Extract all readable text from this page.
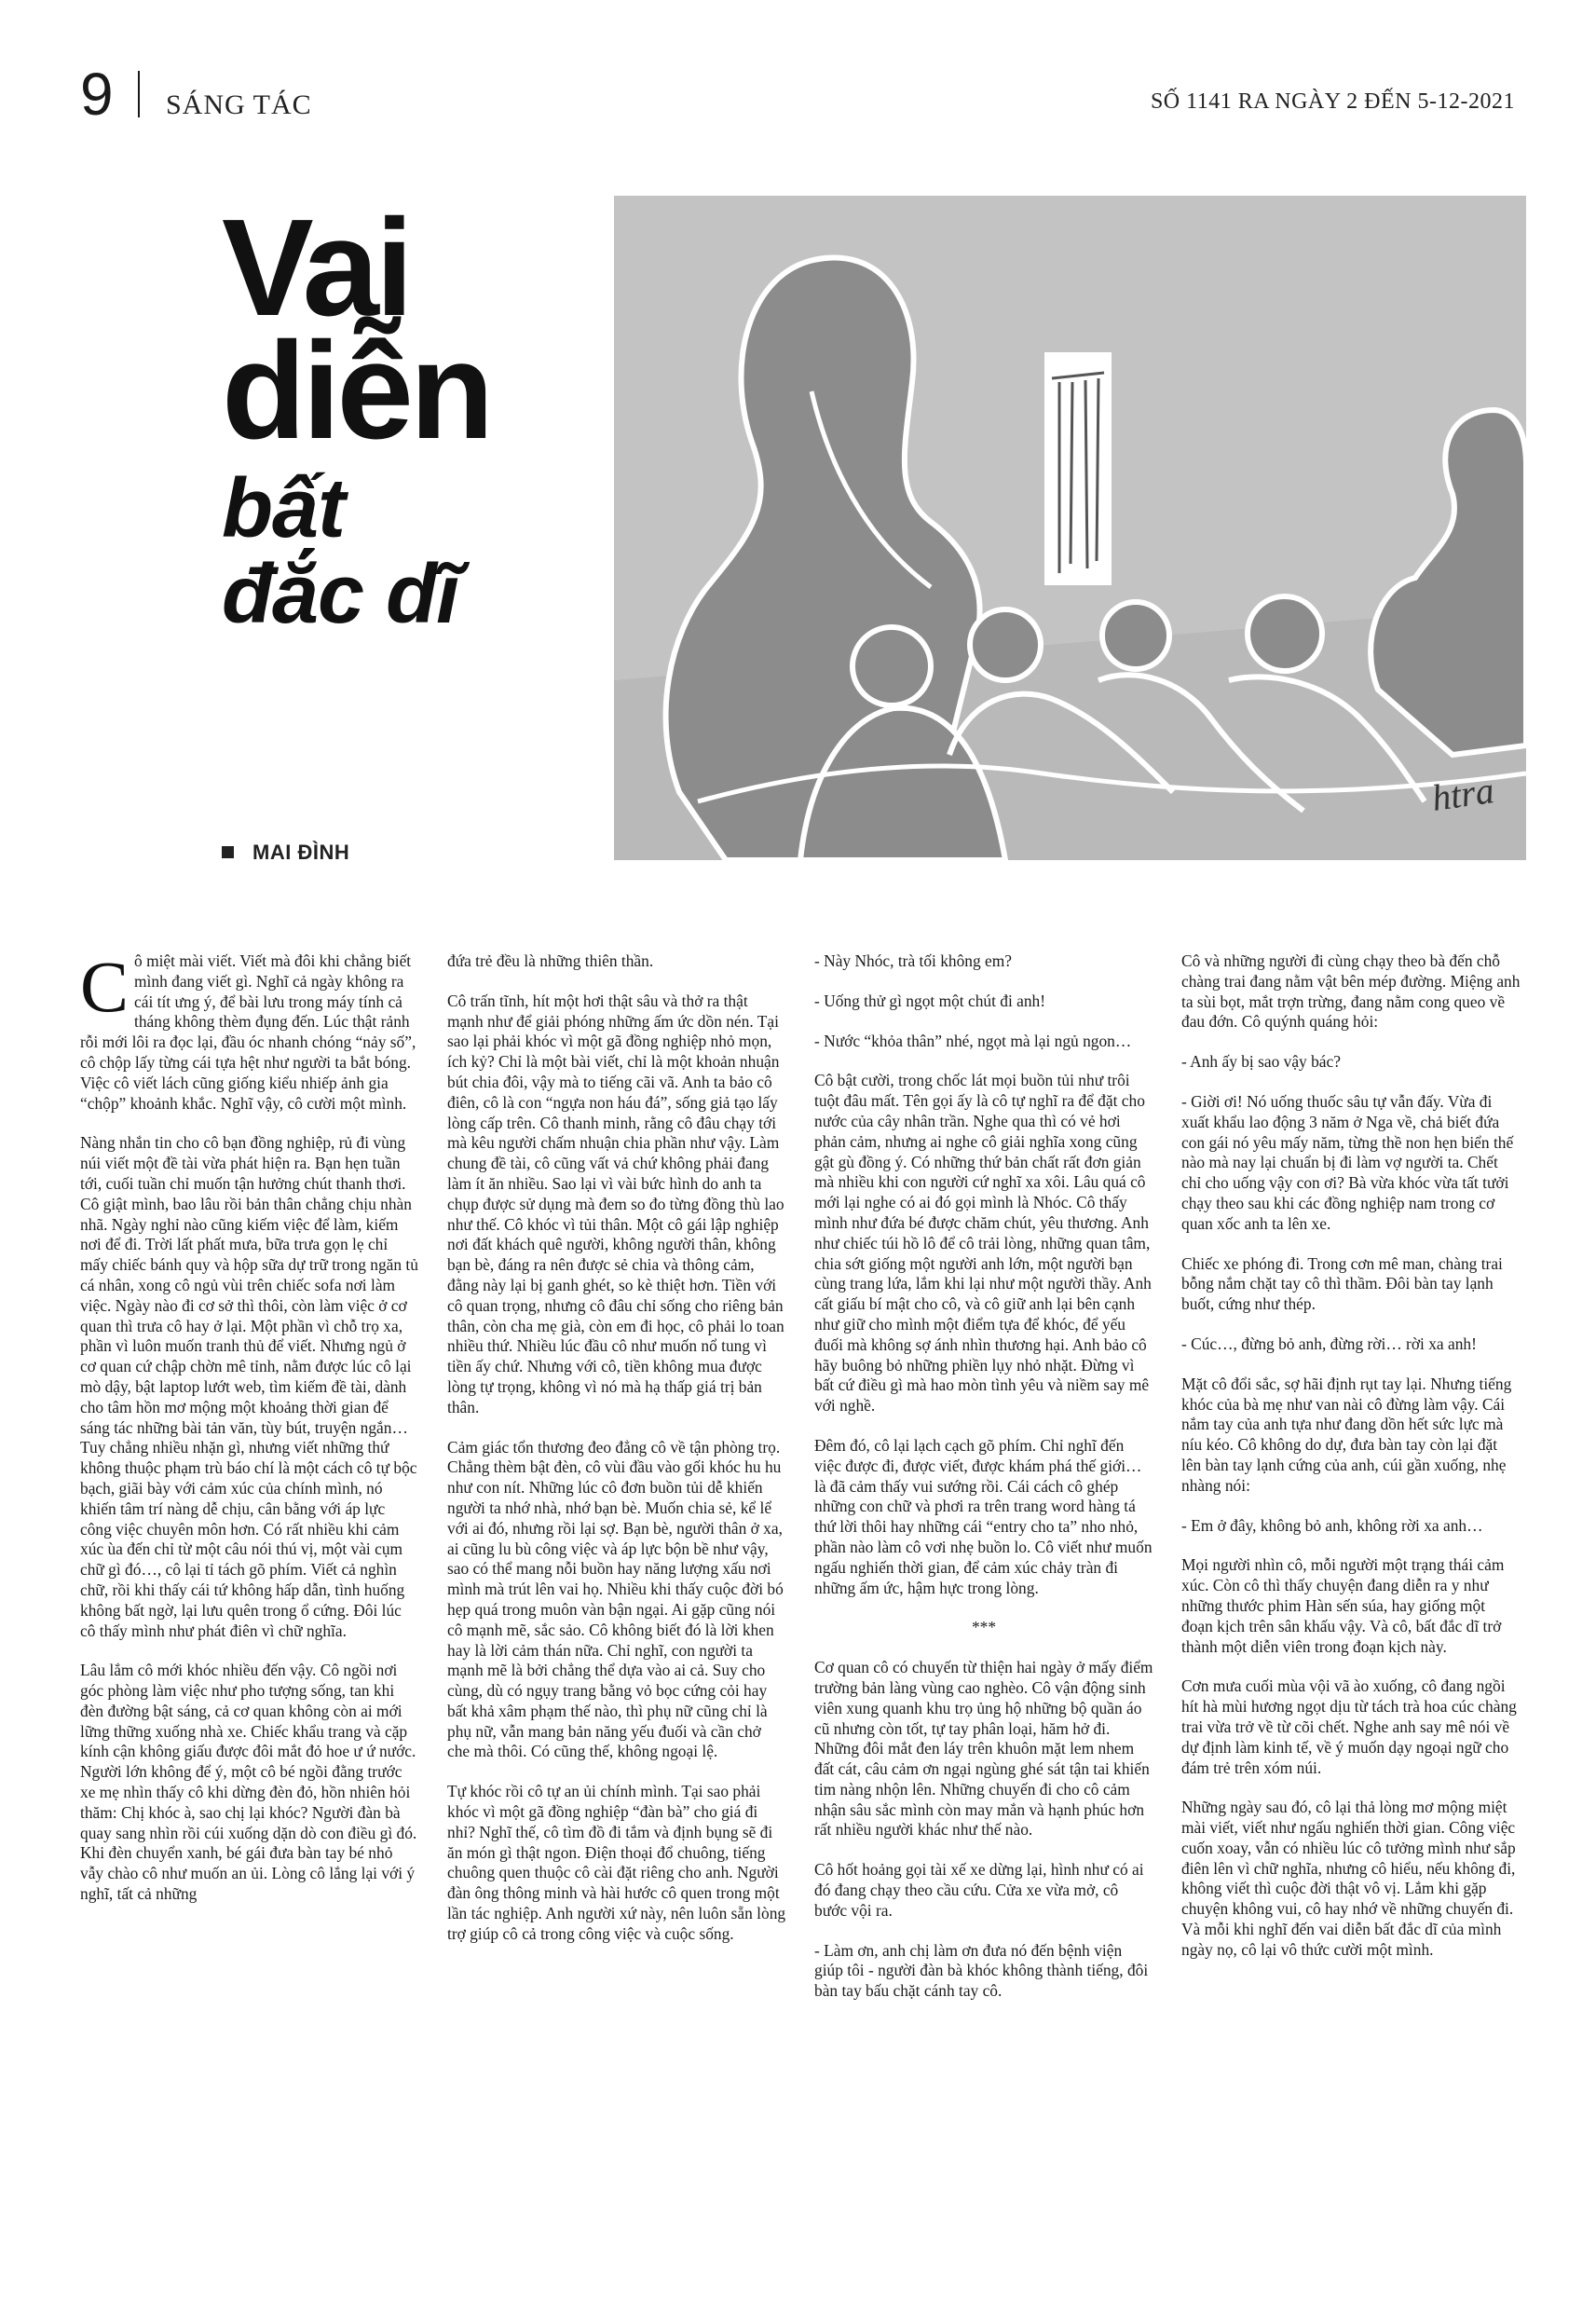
9 SÁNG TÁC	SỐ 1141 RA NGÀY 2 ĐẾN 5-12-2021

Vai

diễn

bất

đắc dĩ

MAI ĐÌNH
htra

Cô miệt mài viết. Viết mà đôi khi chẳng biết mình đang viết gì. Nghĩ cả ngày không ra cái tít ưng ý, để bài lưu trong máy tính cả tháng không thèm đụng đến. Lúc thật rảnh rỗi mới lôi ra đọc lại, đầu óc nhanh chóng “nảy số”, cô chộp lấy từng cái tựa hệt như người ta bắt bóng. Việc cô viết lách cũng giống kiểu nhiếp ảnh gia “chộp” khoảnh khắc. Nghĩ vậy, cô cười một mình.

Nàng nhắn tin cho cô bạn đồng nghiệp, rủ đi vùng núi viết một đề tài vừa phát hiện ra. Bạn hẹn tuần tới, cuối tuần chỉ muốn tận hưởng chút thanh thơi. Cô giật mình, bao lâu rồi bản thân chẳng chịu nhàn nhã. Ngày nghỉ nào cũng kiếm việc để làm, kiếm nơi để đi. Trời lất phất mưa, bữa trưa gọn lẹ chỉ mấy chiếc bánh quy và hộp sữa dự trữ trong ngăn tủ cá nhân, xong cô ngủ vùi trên chiếc sofa nơi làm việc. Ngày nào đi cơ sở thì thôi, còn làm việc ở cơ quan thì trưa cô hay ở lại. Một phần vì chỗ trọ xa, phần vì luôn muốn tranh thủ để viết. Nhưng ngủ ở cơ quan cứ chập chờn mê tỉnh, nằm được lúc cô lại mò dậy, bật laptop lướt web, tìm kiếm đề tài, dành cho tâm hồn mơ mộng một khoảng thời gian để sáng tác những bài tản văn, tùy bút, truyện ngắn… Tuy chẳng nhiều nhặn gì, nhưng viết những thứ không thuộc phạm trù báo chí là một cách cô tự bộc bạch, giãi bày với cảm xúc của chính mình, nó khiến tâm trí nàng dễ chịu, cân bằng với áp lực công việc chuyên môn hơn. Có rất nhiều khi cảm xúc ùa đến chỉ từ một câu nói thú vị, một vài cụm chữ gì đó…, cô lại tỉ tách gõ phím. Viết cả nghìn chữ, rồi khi thấy cái tứ không hấp dẫn, tình huống không bất ngờ, lại lưu quên trong ổ cứng. Đôi lúc cô thấy mình như phát điên vì chữ nghĩa.

Lâu lắm cô mới khóc nhiều đến vậy. Cô ngồi nơi góc phòng làm việc như pho tượng sống, tan khi đèn đường bật sáng, cả cơ quan không còn ai mới lững thững xuống nhà xe. Chiếc khẩu trang và cặp kính cận không giấu được đôi mắt đỏ hoe ư ứ nước. Người lớn không để ý, một cô bé ngồi đằng trước xe mẹ nhìn thấy cô khi dừng đèn đỏ, hồn nhiên hỏi thăm: Chị khóc à, sao chị lại khóc? Người đàn bà quay sang nhìn rồi cúi xuống dặn dò con điều gì đó. Khi đèn chuyển xanh, bé gái đưa bàn tay bé nhỏ vẫy chào cô như muốn an ủi. Lòng cô lắng lại với ý nghĩ, tất cả những

đứa trẻ đều là những thiên thần.

Cô trấn tĩnh, hít một hơi thật sâu và thở ra thật mạnh như để giải phóng những ấm ức dồn nén. Tại sao lại phải khóc vì một gã đồng nghiệp nhỏ mọn, ích kỷ? Chỉ là một bài viết, chỉ là một khoản nhuận bút chia đôi, vậy mà to tiếng cãi vã. Anh ta bảo cô điên, cô là con “ngựa non háu đá”, sống giả tạo lấy lòng cấp trên. Cô thanh minh, rằng cô đâu chạy tới mà kêu người chấm nhuận chia phần như vậy. Làm chung đề tài, cô cũng vất vả chứ không phải đang làm ít ăn nhiều. Sao lại vì vài bức hình do anh ta chụp được sử dụng mà đem so đo từng đồng thù lao như thế. Cô khóc vì tủi thân. Một cô gái lập nghiệp nơi đất khách quê người, không người thân, không bạn bè, đáng ra nên được sẻ chia và thông cảm, đằng này lại bị ganh ghét, so kè thiệt hơn. Tiền với cô quan trọng, nhưng cô đâu chỉ sống cho riêng bản thân, còn cha mẹ già, còn em đi học, cô phải lo toan nhiều thứ. Nhiều lúc đầu cô như muốn nổ tung vì tiền ấy chứ. Nhưng với cô, tiền không mua được lòng tự trọng, không vì nó mà hạ thấp giá trị bản thân.

Cảm giác tổn thương đeo đẳng cô về tận phòng trọ. Chẳng thèm bật đèn, cô vùi đầu vào gối khóc hu hu như con nít. Những lúc cô đơn buồn tủi dễ khiến người ta nhớ nhà, nhớ bạn bè. Muốn chia sẻ, kể lể với ai đó, nhưng rồi lại sợ. Bạn bè, người thân ở xa, ai cũng lu bù công việc và áp lực bộn bề như vậy, sao có thể mang nỗi buồn hay năng lượng xấu nơi mình mà trút lên vai họ. Nhiều khi thấy cuộc đời bó hẹp quá trong muôn vàn bận ngại. Ai gặp cũng nói cô mạnh mẽ, sắc sảo. Cô không biết đó là lời khen hay là lời cảm thán nữa. Chỉ nghĩ, con người ta mạnh mẽ là bởi chẳng thể dựa vào ai cả. Suy cho cùng, dù có ngụy trang bằng vỏ bọc cứng cỏi hay bất khả xâm phạm thế nào, thì phụ nữ cũng chỉ là phụ nữ, vẫn mang bản năng yếu đuối và cần chở che mà thôi. Có cũng thế, không ngoại lệ.

Tự khóc rồi cô tự an ủi chính mình. Tại sao phải khóc vì một gã đồng nghiệp “đàn bà” cho giá đi nhỉ? Nghĩ thế, cô tìm đồ đi tắm và định bụng sẽ đi ăn món gì thật ngon. Điện thoại đổ chuông, tiếng chuông quen thuộc cô cài đặt riêng cho anh. Người đàn ông thông minh và hài hước cô quen trong một lần tác nghiệp. Anh người xứ này, nên luôn sẵn lòng trợ giúp cô cả trong công việc và cuộc sống.

- Này Nhóc, trà tối không em?

- Uống thử gì ngọt một chút đi anh!

- Nước “khỏa thân” nhé, ngọt mà lại ngủ ngon…

Cô bật cười, trong chốc lát mọi buồn tủi như trôi tuột đâu mất. Tên gọi ấy là cô tự nghĩ ra để đặt cho nước của cây nhân trần. Nghe qua thì có vẻ hơi phản cảm, nhưng ai nghe cô giải nghĩa xong cũng gật gù đồng ý. Có những thứ bản chất rất đơn giản mà nhiều khi con người cứ nghĩ xa xôi. Lâu quá cô mới lại nghe có ai đó gọi mình là Nhóc. Cô thấy mình như đứa bé được chăm chút, yêu thương. Anh như chiếc túi hồ lô để cô trải lòng, những quan tâm, chia sớt giống một người anh lớn, một người bạn cùng trang lứa, lắm khi lại như một người thầy. Anh cất giấu bí mật cho cô, và cô giữ anh lại bên cạnh như giữ cho mình một điểm tựa để khóc, để yếu đuối mà không sợ ánh nhìn thương hại. Anh bảo cô hãy buông bỏ những phiền lụy nhỏ nhặt. Đừng vì bất cứ điều gì mà hao mòn tình yêu và niềm say mê với nghề.

Đêm đó, cô lại lạch cạch gõ phím. Chỉ nghĩ đến việc được đi, được viết, được khám phá thế giới… là đã cảm thấy vui sướng rồi. Cái cách cô ghép những con chữ và phơi ra trên trang word hàng tá thứ lời thôi hay những cái “entry cho ta” nho nhỏ, phần nào làm cô vơi nhẹ buồn lo. Cô viết như muốn ngấu nghiến thời gian, để cảm xúc chảy tràn đi những ấm ức, hậm hực trong lòng.

***

Cơ quan cô có chuyến từ thiện hai ngày ở mấy điểm trường bản làng vùng cao nghèo. Cô vận động sinh viên xung quanh khu trọ ủng hộ những bộ quần áo cũ nhưng còn tốt, tự tay phân loại, hăm hở đi. Những đôi mắt đen láy trên khuôn mặt lem nhem đất cát, câu cảm ơn ngại ngùng ghé sát tận tai khiến tim nàng nhộn lên. Những chuyến đi cho cô cảm nhận sâu sắc mình còn may mắn và hạnh phúc hơn rất nhiều người khác như thế nào.

Cô hốt hoảng gọi tài xế xe dừng lại, hình như có ai đó đang chạy theo cầu cứu. Cửa xe vừa mở, cô bước vội ra.

- Làm ơn, anh chị làm ơn đưa nó đến bệnh viện giúp tôi - người đàn bà khóc không thành tiếng, đôi bàn tay bấu chặt cánh tay cô.

Cô và những người đi cùng chạy theo bà đến chỗ chàng trai đang nằm vật bên mép đường. Miệng anh ta sùi bọt, mắt trợn trừng, đang nằm cong queo về đau đớn. Cô quýnh quáng hỏi:

- Anh ấy bị sao vậy bác?

- Giời ơi! Nó uống thuốc sâu tự vẫn đấy. Vừa đi xuất khẩu lao động 3 năm ở Nga về, chả biết đứa con gái nó yêu mấy năm, từng thề non hẹn biển thế nào mà nay lại chuẩn bị đi làm vợ người ta. Chết chỉ cho uống vậy con ơi? Bà vừa khóc vừa tất tưởi chạy theo sau khi các đồng nghiệp nam trong cơ quan xốc anh ta lên xe.

Chiếc xe phóng đi. Trong cơn mê man, chàng trai bỗng nắm chặt tay cô thì thầm. Đôi bàn tay lạnh buốt, cứng như thép.

- Cúc…, đừng bỏ anh, đừng rời… rời xa anh!

Mặt cô đổi sắc, sợ hãi định rụt tay lại. Nhưng tiếng khóc của bà mẹ như van nài cô đừng làm vậy. Cái nắm tay của anh tựa như đang dồn hết sức lực mà níu kéo. Cô không do dự, đưa bàn tay còn lại đặt lên bàn tay lạnh cứng của anh, cúi gần xuống, nhẹ nhàng nói:

- Em ở đây, không bỏ anh, không rời xa anh…

Mọi người nhìn cô, mỗi người một trạng thái cảm xúc. Còn cô thì thấy chuyện đang diễn ra y như những thước phim Hàn sến súa, hay giống một đoạn kịch trên sân khấu vậy. Và cô, bất đắc dĩ trở thành một diễn viên trong đoạn kịch này.

Cơn mưa cuối mùa vội vã ào xuống, cô đang ngồi hít hà mùi hương ngọt dịu từ tách trà hoa cúc chàng trai vừa trở về từ cõi chết. Nghe anh say mê nói về dự định làm kinh tế, về ý muốn dạy ngoại ngữ cho đám trẻ trên xóm núi.

Những ngày sau đó, cô lại thả lòng mơ mộng miệt mài viết, viết như ngấu nghiến thời gian. Công việc cuốn xoay, vẫn có nhiều lúc cô tưởng mình như sắp điên lên vì chữ nghĩa, nhưng cô hiểu, nếu không đi, không viết thì cuộc đời thật vô vị. Lắm khi gặp chuyện không vui, cô hay nhớ về những chuyến đi. Và mỗi khi nghĩ đến vai diễn bất đắc dĩ của mình ngày nọ, cô lại vô thức cười một mình.
